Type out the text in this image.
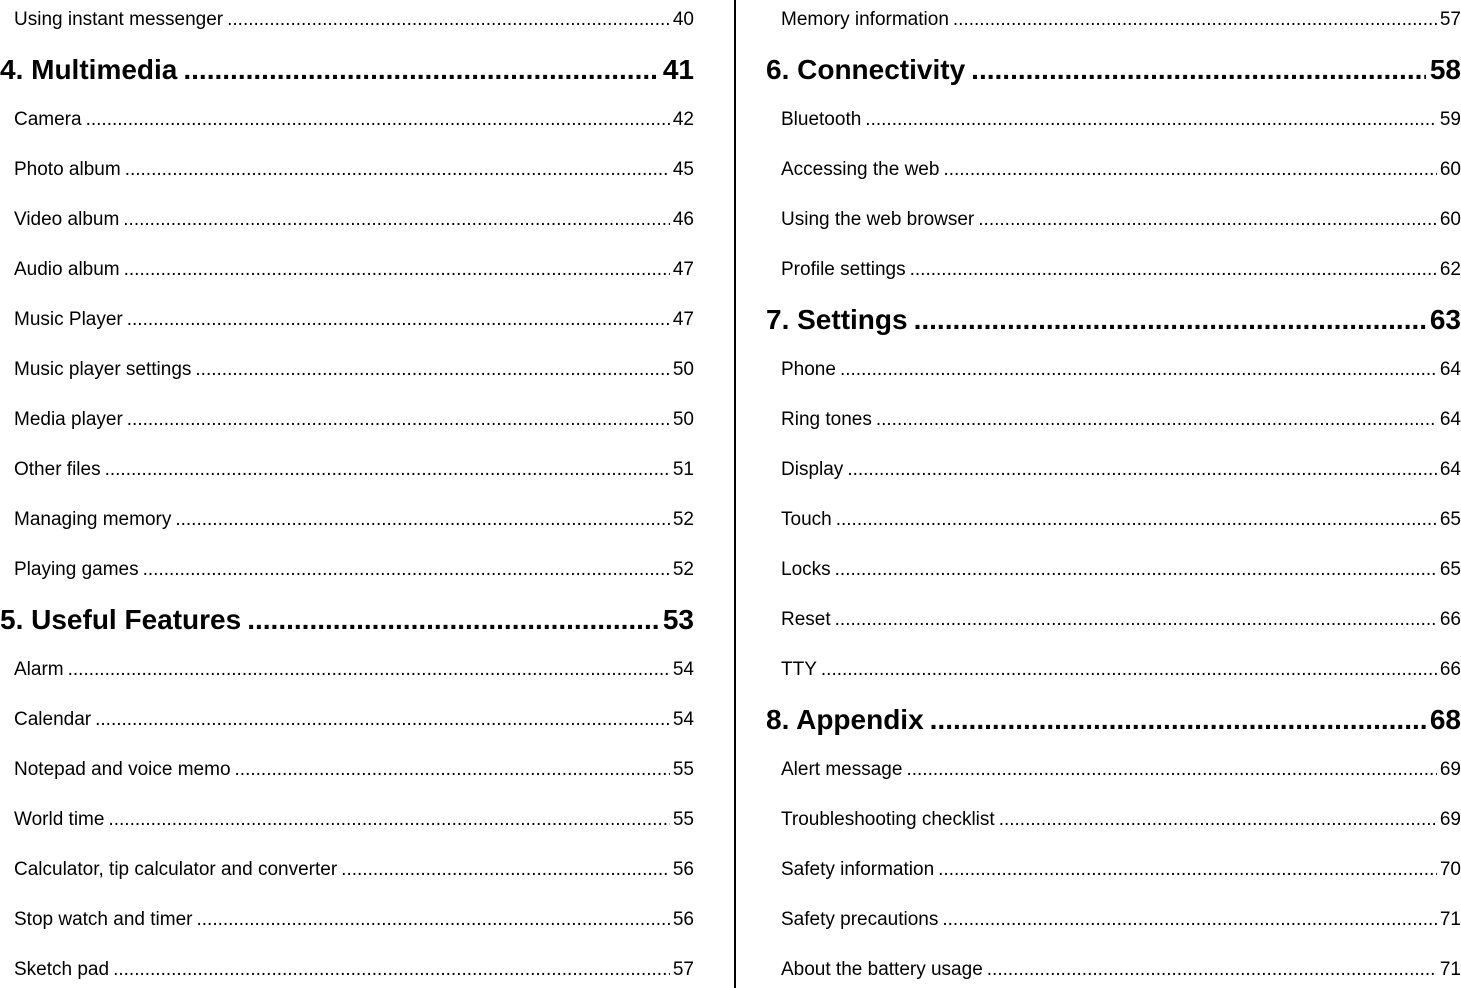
Using instant messenger .....	40
4. Multimedia .....	41
Camera .....	42
Photo album .....	45
Video album .....	46
Audio album .....	47
Music Player .....	47
Music player settings .....	50
Media player .....	50
Other files .....	51
Managing memory .....	52
Playing games .....	52
5. Useful Features .....	53
Alarm .....	54
Calendar .....	54
Notepad and voice memo .....	55
World time .....	55
Calculator, tip calculator and converter .....	56
Stop watch and timer .....	56
Sketch pad .....	57
Memory information .....	57
6. Connectivity .....	58
Bluetooth .....	59
Accessing the web .....	60
Using the web browser .....	60
Profile settings .....	62
7. Settings .....	63
Phone .....	64
Ring tones .....	64
Display .....	64
Touch .....	65
Locks .....	65
Reset .....	66
TTY .....	66
8. Appendix .....	68
Alert message .....	69
Troubleshooting checklist .....	69
Safety information .....	70
Safety precautions .....	71
About the battery usage .....	71
